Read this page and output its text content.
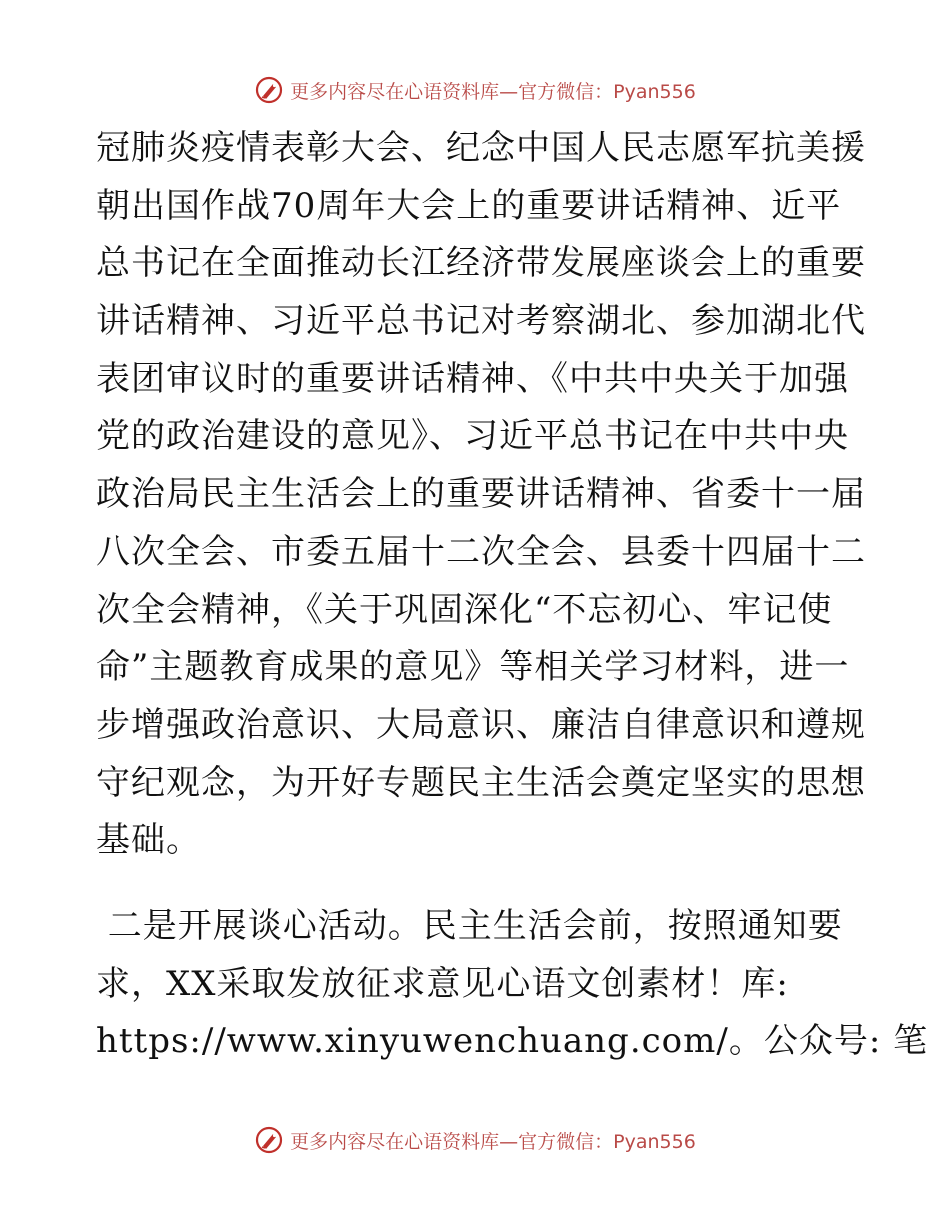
更多内容尽在心语资料库—官方微信：Pyan556
冠肺炎疫情表彰大会、纪念中国人民志愿军抗美援
朝出国作战70周年大会上的重要讲话精神、近平
总书记在全面推动长江经济带发展座谈会上的重要
讲话精神、习近平总书记对考察湖北、参加湖北代
表团审议时的重要讲话精神、《中共中央关于加强
党的政治建设的意见》、习近平总书记在中共中央
政治局民主生活会上的重要讲话精神、省委十一届
八次全会、市委五届十二次全会、县委十四届十二
次全会精神，《关于巩固深化“不忘初心、牢记使
命”主题教育成果的意见》等相关学习材料，进一
步增强政治意识、大局意识、廉洁自律意识和遵规
守纪观念，为开好专题民主生活会奠定坚实的思想
基础。
二是开展谈心活动。民主生活会前，按照通知要
求，XX采取发放征求意见心语文创素材！库:
https://www.xinyuwenchuang.com/。公众号: 笔
更多内容尽在心语资料库—官方微信：Pyan556
